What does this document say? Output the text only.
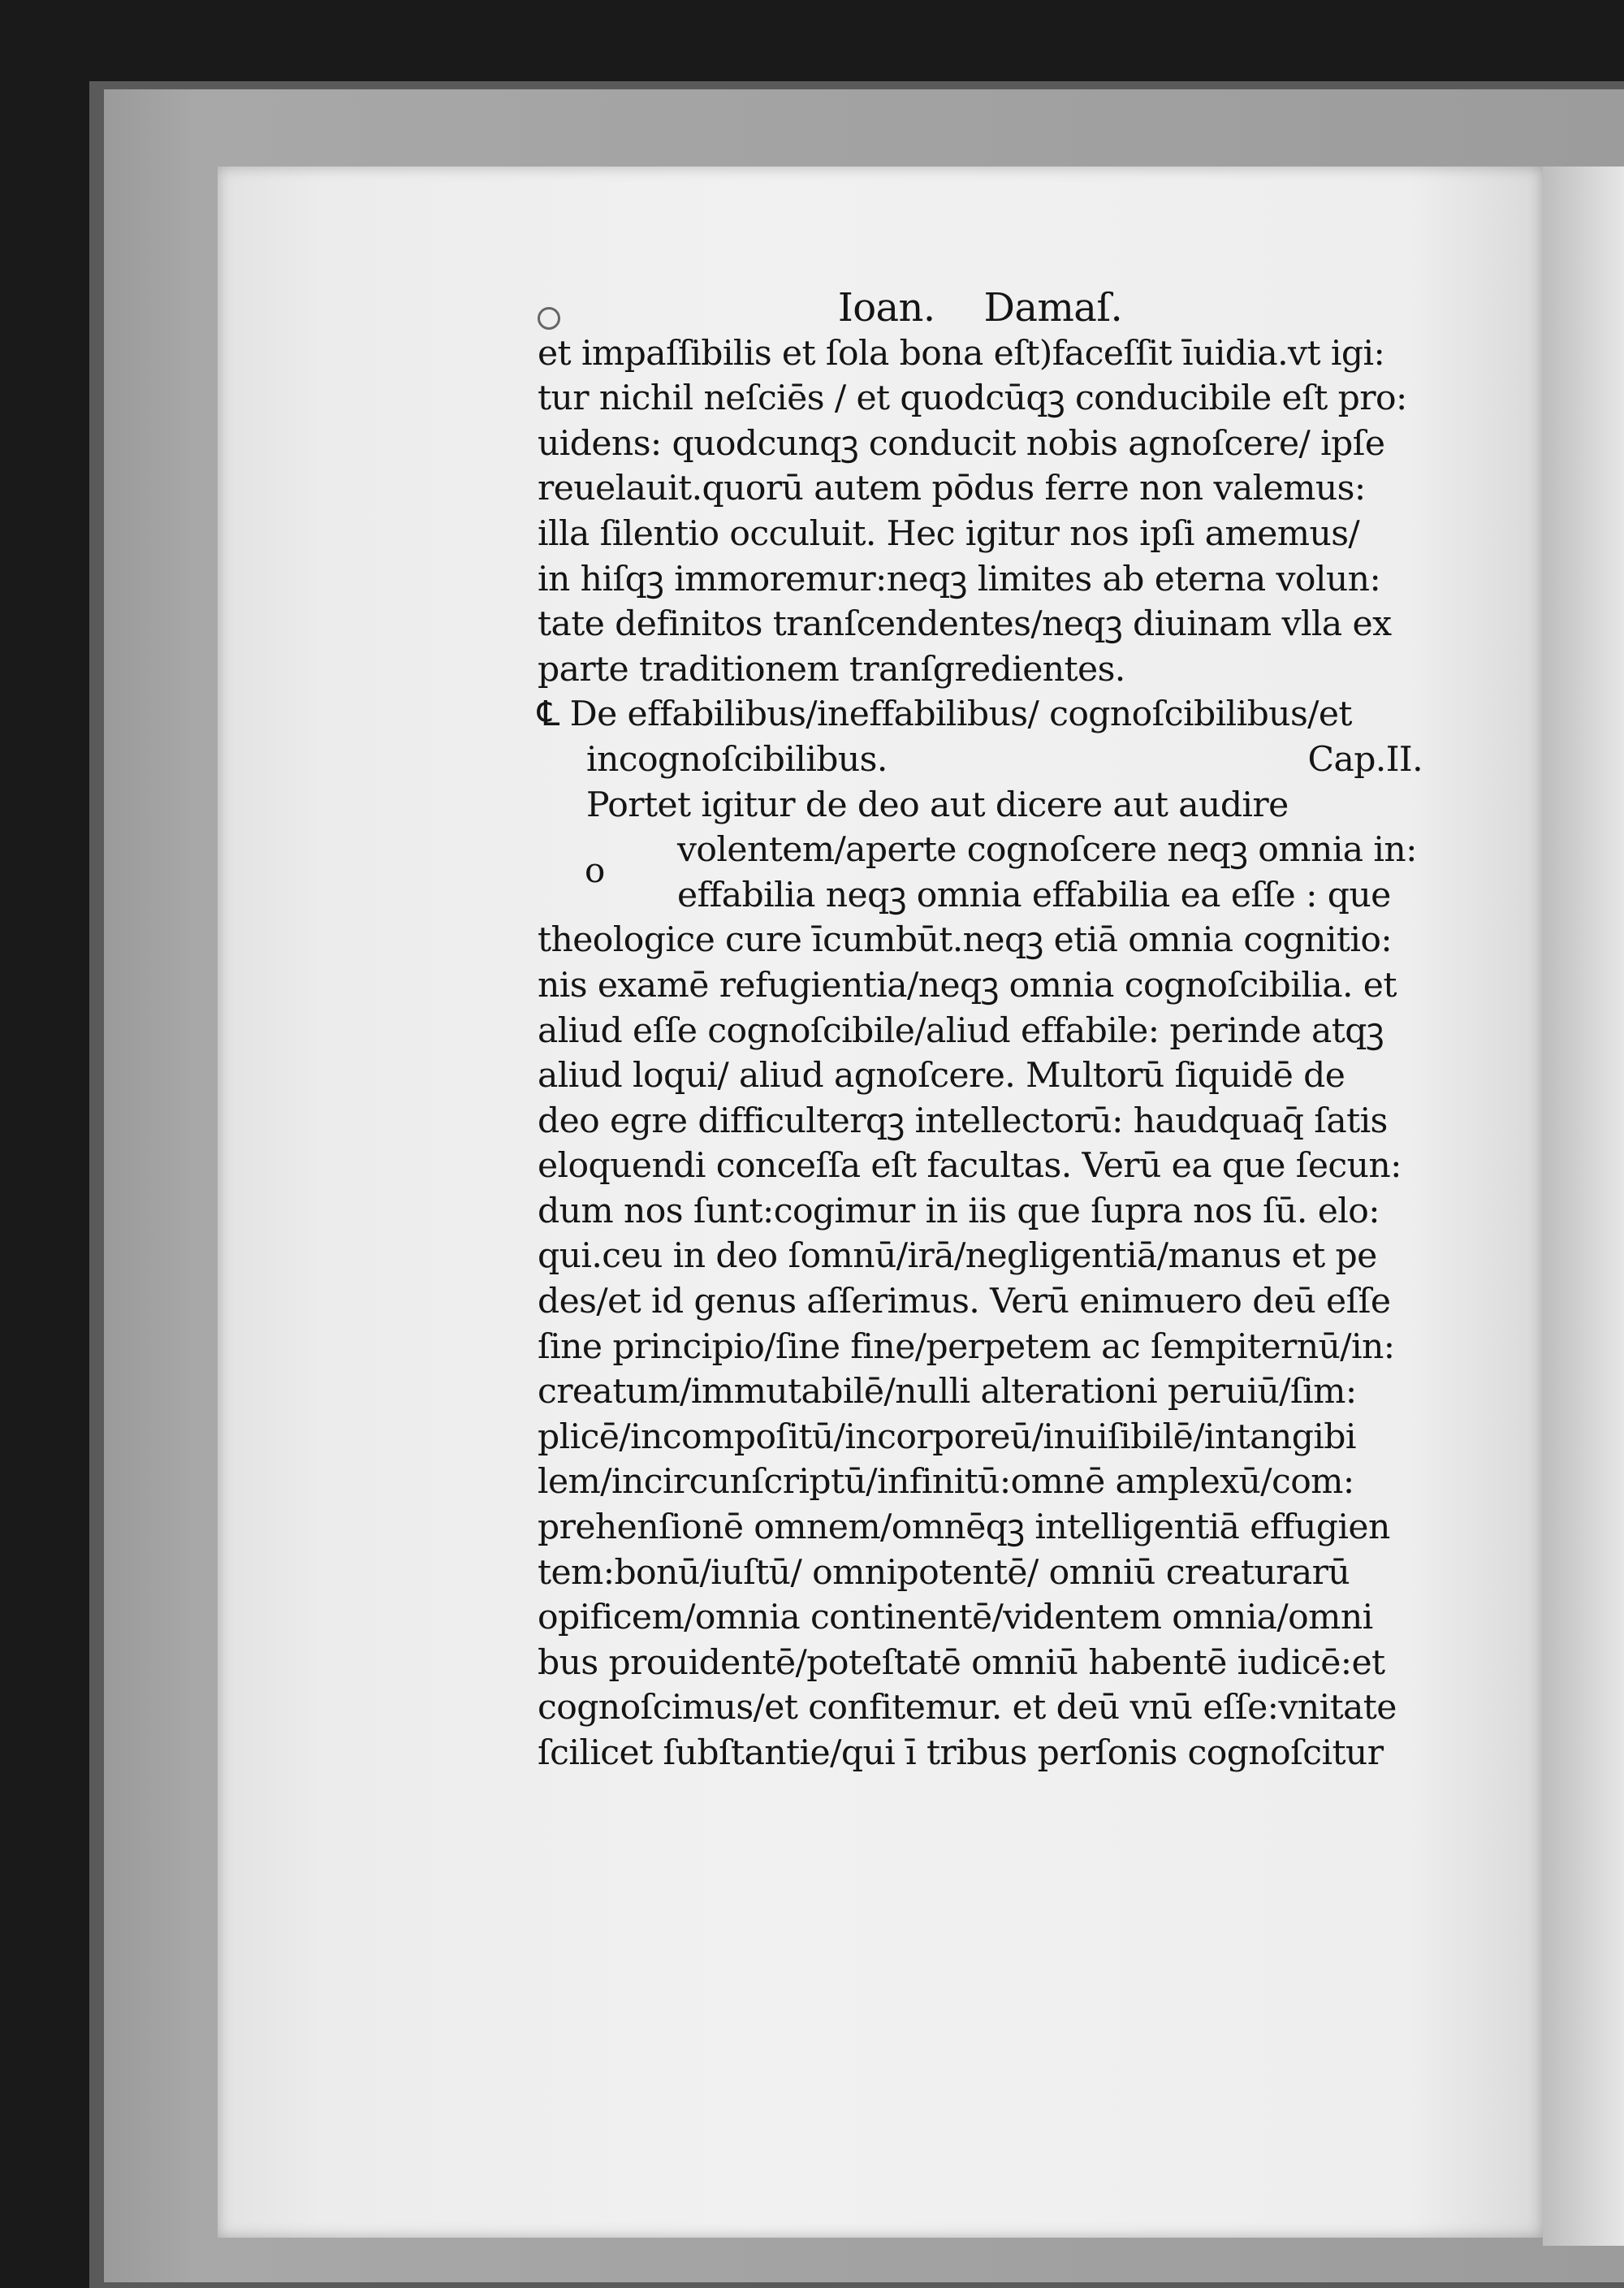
Ioan. Damaſ.
et impaſſibilis et ſola bona eſt)faceſſit īuidia.vt igi:
tur nichil neſciēs / et quodcūqꝫ conducibile eſt pro:
uidens: quodcunqꝫ conducit nobis agnoſcere/ ipſe
reuelauit.quorū autem pōdus ferre non valemus:
illa ſilentio occuluit. Hec igitur nos ipſi amemus/
in hiſqꝫ immoremur:neqꝫ limites ab eterna volun:
tate definitos tranſcendentes/neqꝫ diuinam vlla ex
parte traditionem tranſgredientes.
℄ De effabilibus/ineffabilibus/ cognoſcibilibus/et
incognoſcibilibus.	Cap.II.
Portet igitur de deo aut dicere aut audire
volentem/aperte cognoſcere neqꝫ omnia in:
effabilia neqꝫ omnia effabilia ea eſſe : que
theologice cure īcumbūt.neqꝫ etiā omnia cognitio:
nis examē refugientia/neqꝫ omnia cognoſcibilia. et
aliud eſſe cognoſcibile/aliud effabile: perinde atqꝫ
aliud loqui/ aliud agnoſcere. Multorū ſiquidē de
deo egre difficulterqꝫ intellectorū: haudquaq̄ ſatis
eloquendi conceſſa eſt facultas. Verū ea que ſecun:
dum nos ſunt:cogimur in iis que ſupra nos ſū. elo:
qui.ceu in deo ſomnū/irā/negligentiā/manus et pe
des/et id genus aſſerimus. Verū enimuero deū eſſe
ſine principio/ſine fine/perpetem ac ſempiternū/in:
creatum/immutabilē/nulli alterationi peruiū/ſim:
plicē/incompoſitū/incorporeū/inuiſibilē/intangibi
lem/incircunſcriptū/infinitū:omnē amplexū/com:
prehenſionē omnem/omnēqꝫ intelligentiā effugien
tem:bonū/iuſtū/ omnipotentē/ omniū creaturarū
opificem/omnia continentē/videntem omnia/omni
bus prouidentē/poteſtatē omniū habentē iudicē:et
cognoſcimus/et confitemur. et deū vnū eſſe:vnitate
ſcilicet ſubſtantie/qui ī tribus perſonis cognoſcitur
o
